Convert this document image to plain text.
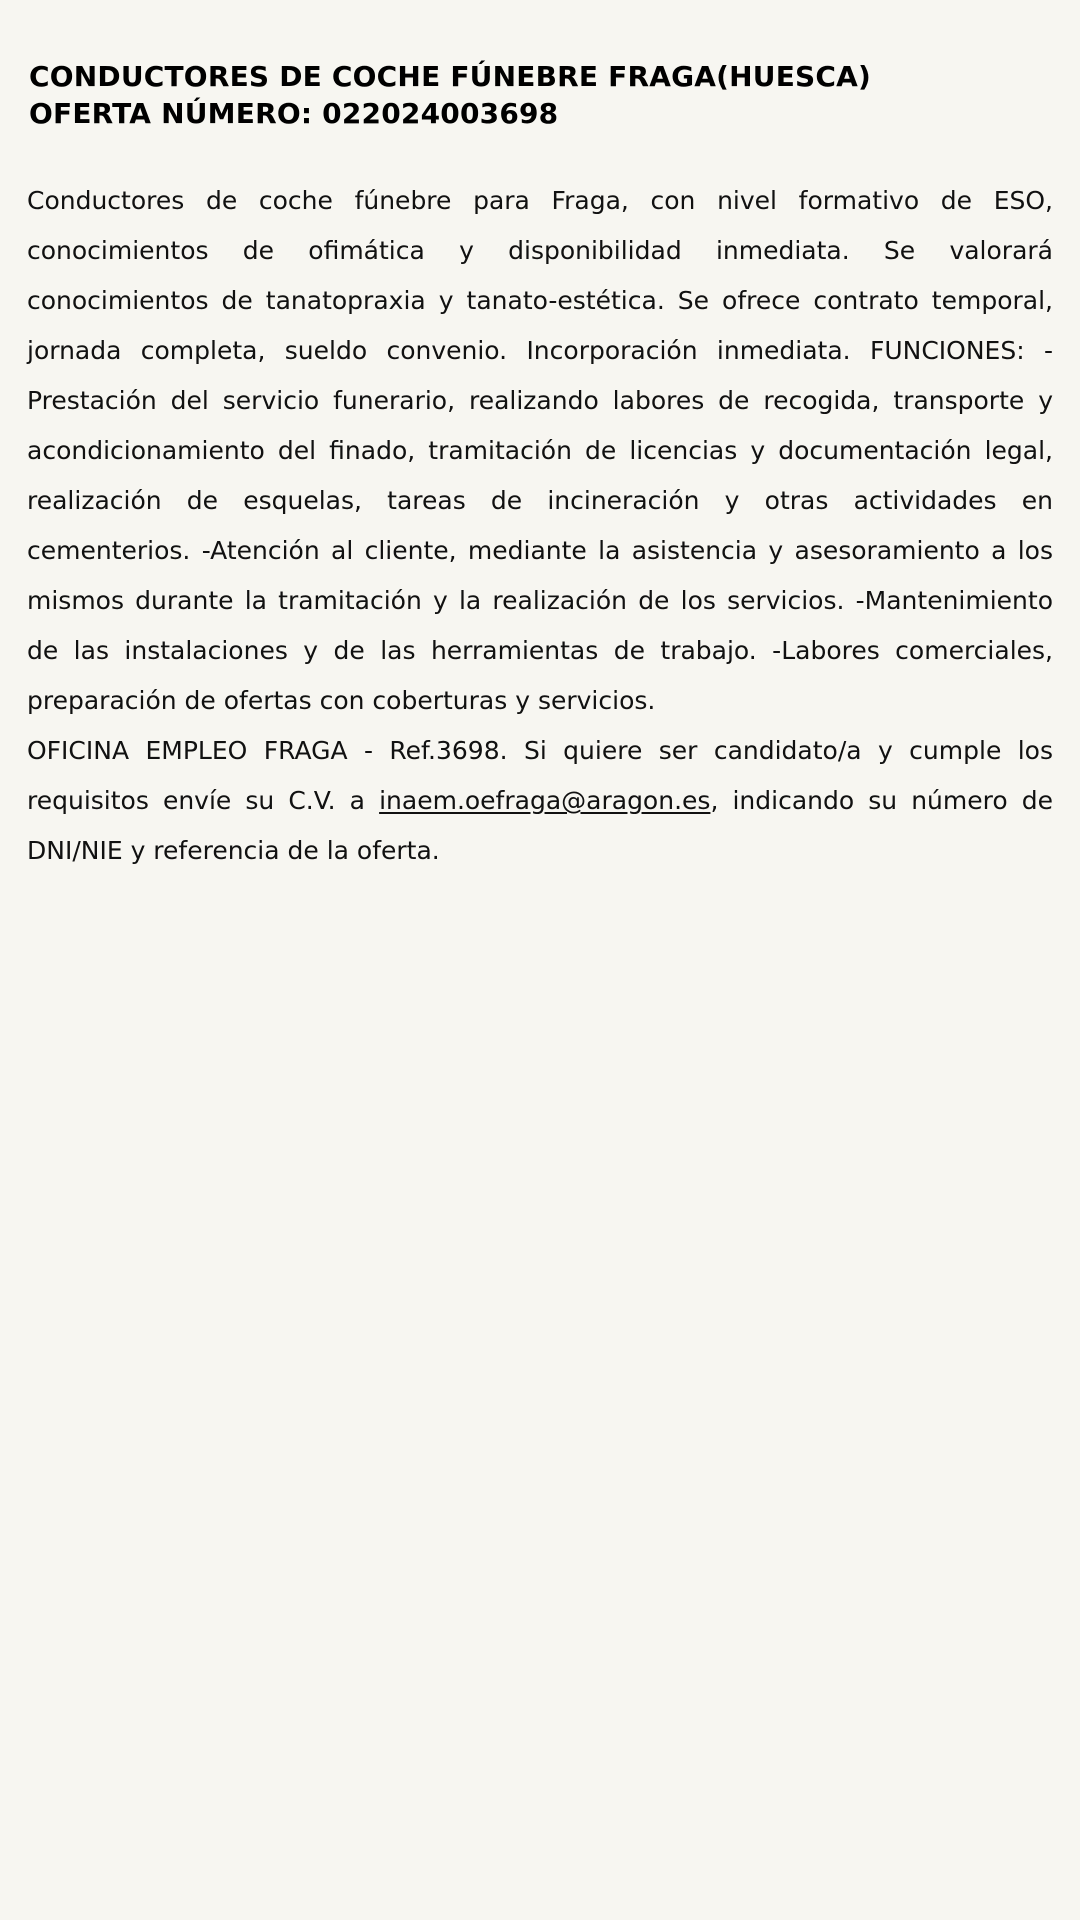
CONDUCTORES DE COCHE FÚNEBRE FRAGA(HUESCA)
OFERTA NÚMERO: 022024003698

Conductores de coche fúnebre para Fraga, con nivel formativo de ESO, conocimientos de ofimática y disponibilidad inmediata. Se valorará conocimientos de tanatopraxia y tanato-estética. Se ofrece contrato temporal, jornada completa, sueldo convenio. Incorporación inmediata. FUNCIONES: -Prestación del servicio funerario, realizando labores de recogida, transporte y acondicionamiento del finado, tramitación de licencias y documentación legal, realización de esquelas, tareas de incineración y otras actividades en cementerios. -Atención al cliente, mediante la asistencia y asesoramiento a los mismos durante la tramitación y la realización de los servicios. -Mantenimiento de las instalaciones y de las herramientas de trabajo. -Labores comerciales, preparación de ofertas con coberturas y servicios.

OFICINA EMPLEO FRAGA - Ref.3698. Si quiere ser candidato/a y cumple los requisitos envíe su C.V. a inaem.oefraga@aragon.es, indicando su número de DNI/NIE y referencia de la oferta.
